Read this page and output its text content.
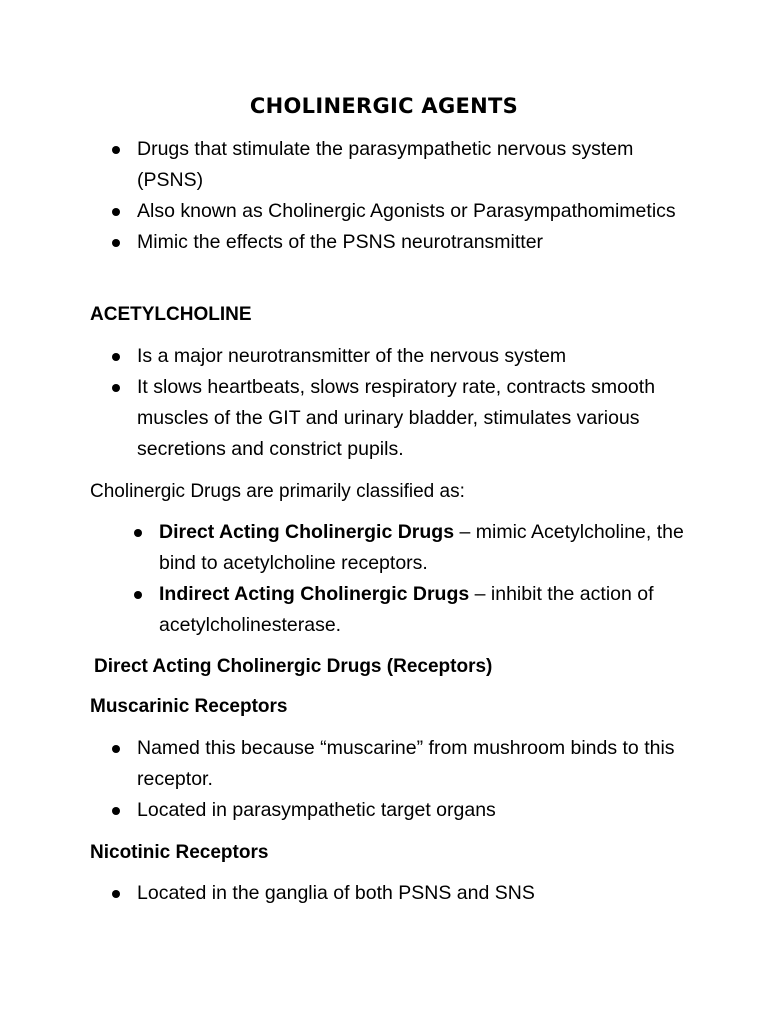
CHOLINERGIC AGENTS
Drugs that stimulate the parasympathetic nervous system (PSNS)
Also known as Cholinergic Agonists or Parasympathomimetics
Mimic the effects of the PSNS neurotransmitter
ACETYLCHOLINE
Is a major neurotransmitter of the nervous system
It slows heartbeats, slows respiratory rate, contracts smooth muscles of the GIT and urinary bladder, stimulates various secretions and constrict pupils.
Cholinergic Drugs are primarily classified as:
Direct Acting Cholinergic Drugs – mimic Acetylcholine, the bind to acetylcholine receptors.
Indirect Acting Cholinergic Drugs – inhibit the action of acetylcholinesterase.
Direct Acting Cholinergic Drugs (Receptors)
Muscarinic Receptors
Named this because “muscarine” from mushroom binds to this receptor.
Located in parasympathetic target organs
Nicotinic Receptors
Located in the ganglia of both PSNS and SNS
